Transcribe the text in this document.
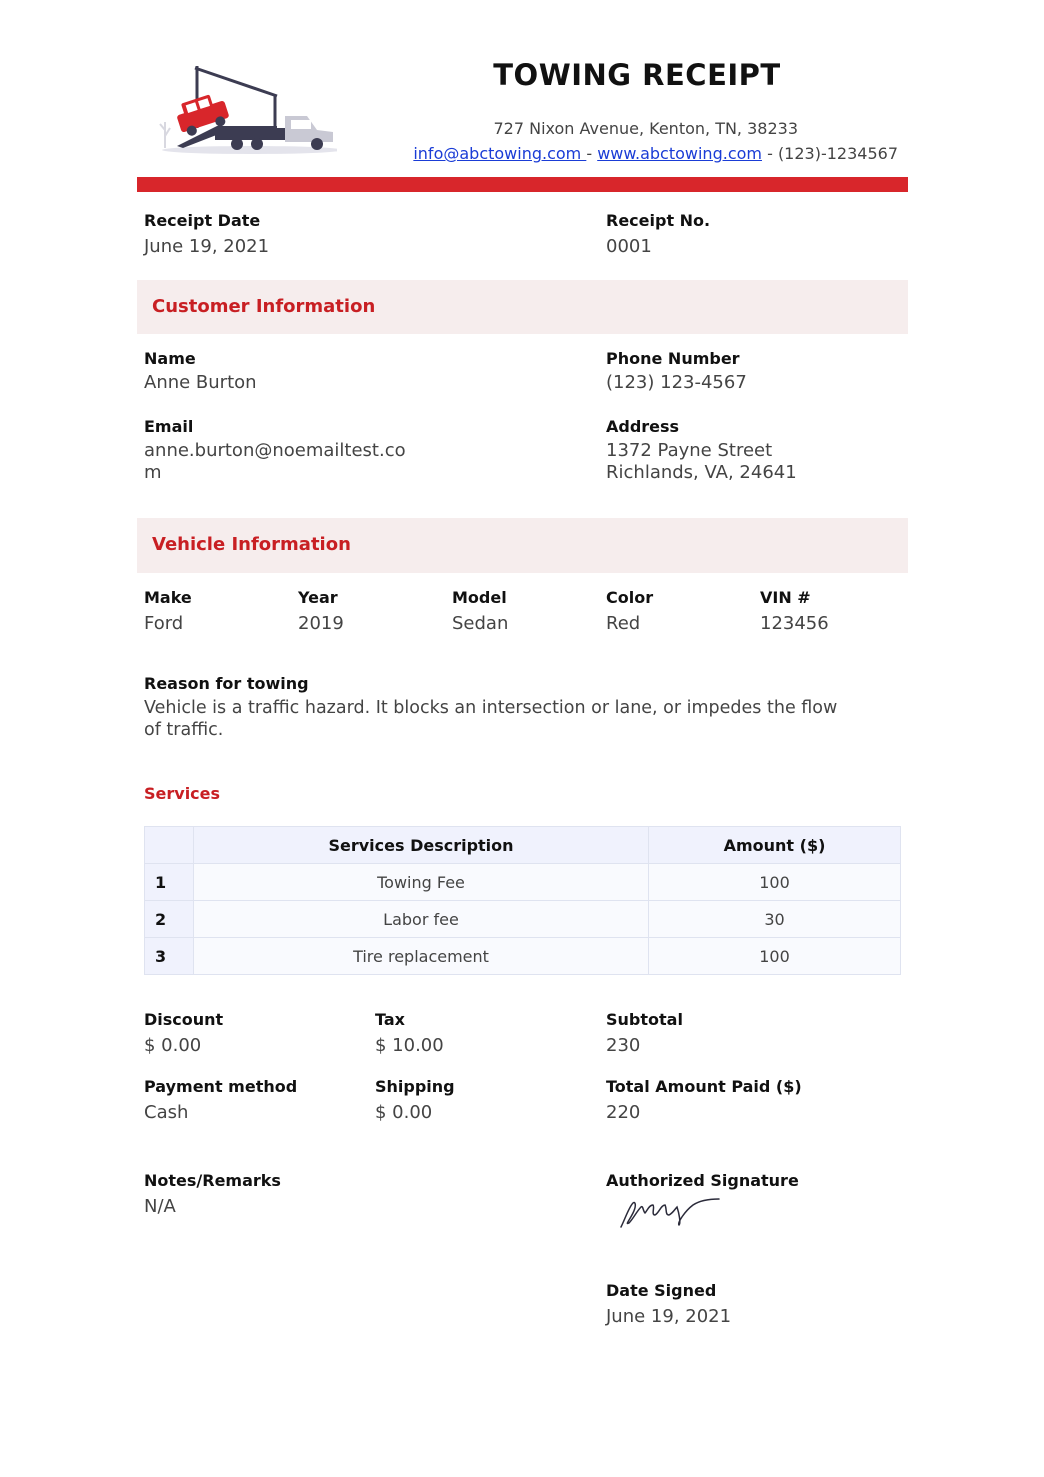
TOWING RECEIPT
727 Nixon Avenue, Kenton, TN, 38233
info@abctowing.com - www.abctowing.com - (123)-1234567
Receipt Date
June 19, 2021
Receipt No.
0001
Customer Information
Name
Anne Burton
Phone Number
(123) 123-4567
Email
anne.burton@noemailtest.co
m
Address
1372 Payne Street
Richlands, VA, 24641
Vehicle Information
Make
Ford
Year
2019
Model
Sedan
Color
Red
VIN #
123456
Reason for towing
Vehicle is a traffic hazard. It blocks an intersection or lane, or impedes the flow
of traffic.
Services
	Services Description	Amount ($)
1	Towing Fee	100
2	Labor fee	30
3	Tire replacement	100
Discount
$ 0.00
Tax
$ 10.00
Subtotal
230
Payment method
Cash
Shipping
$ 0.00
Total Amount Paid ($)
220
Notes/Remarks
N/A
Authorized Signature
Date Signed
June 19, 2021
